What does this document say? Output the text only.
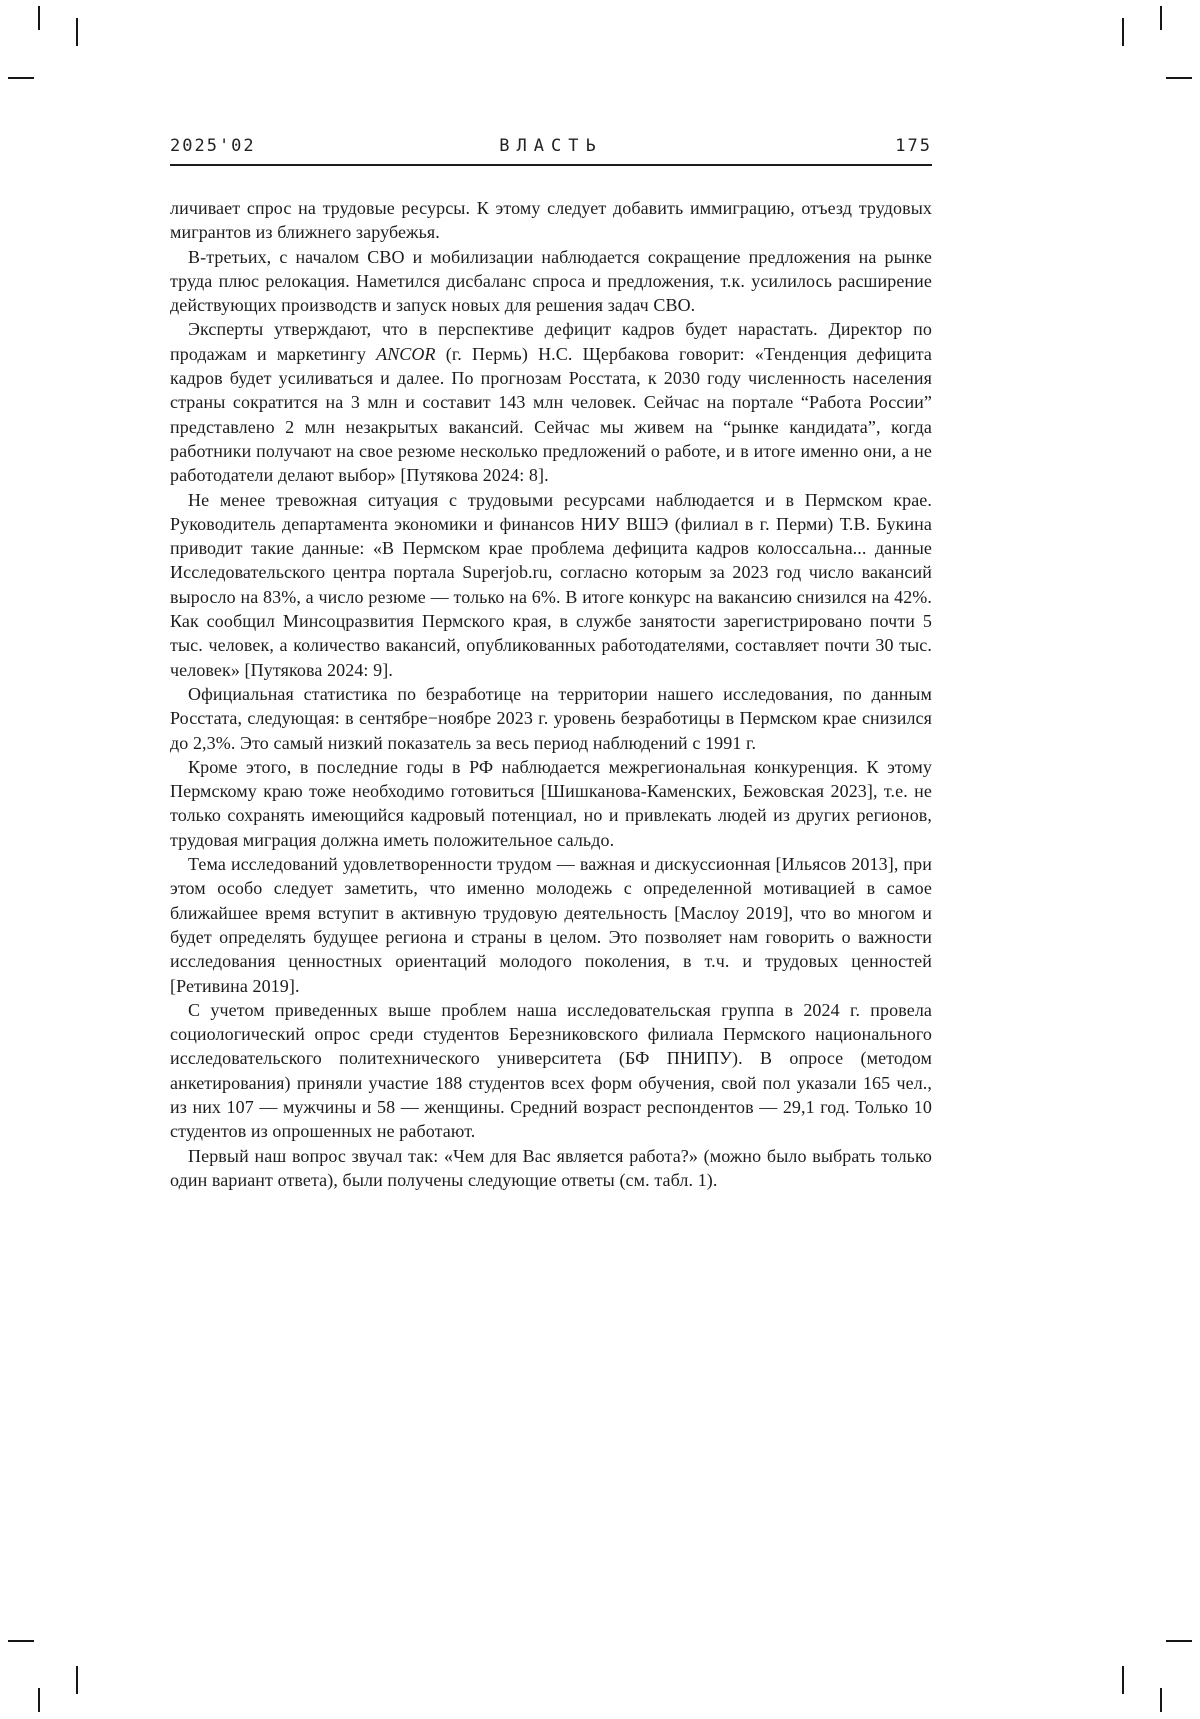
2025'02	ВЛАСТЬ	175

личивает спрос на трудовые ресурсы. К этому следует добавить иммиграцию, отъезд трудовых мигрантов из ближнего зарубежья.

В-третьих, с началом СВО и мобилизации наблюдается сокращение предложения на рынке труда плюс релокация. Наметился дисбаланс спроса и предложения, т.к. усилилось расширение действующих производств и запуск новых для решения задач СВО.

Эксперты утверждают, что в перспективе дефицит кадров будет нарастать. Директор по продажам и маркетингу ANCOR (г. Пермь) Н.С. Щербакова говорит: «Тенденция дефицита кадров будет усиливаться и далее. По прогнозам Росстата, к 2030 году численность населения страны сократится на 3 млн и составит 143 млн человек. Сейчас на портале “Работа России” представлено 2 млн незакрытых вакансий. Сейчас мы живем на “рынке кандидата”, когда работники получают на свое резюме несколько предложений о работе, и в итоге именно они, а не работодатели делают выбор» [Путякова 2024: 8].

Не менее тревожная ситуация с трудовыми ресурсами наблюдается и в Пермском крае. Руководитель департамента экономики и финансов НИУ ВШЭ (филиал в г. Перми) Т.В. Букина приводит такие данные: «В Пермском крае проблема дефицита кадров колоссальна... данные Исследовательского центра портала Superjob.ru, согласно которым за 2023 год число вакансий выросло на 83%, а число резюме — только на 6%. В итоге конкурс на вакансию снизился на 42%. Как сообщил Минсоцразвития Пермского края, в службе занятости зарегистрировано почти 5 тыс. человек, а количество вакансий, опубликованных работодателями, составляет почти 30 тыс. человек» [Путякова 2024: 9].

Официальная статистика по безработице на территории нашего исследования, по данным Росстата, следующая: в сентябре−ноябре 2023 г. уровень безработицы в Пермском крае снизился до 2,3%. Это самый низкий показатель за весь период наблюдений с 1991 г.

Кроме этого, в последние годы в РФ наблюдается межрегиональная конкуренция. К этому Пермскому краю тоже необходимо готовиться [Шишканова-Каменских, Бежовская 2023], т.е. не только сохранять имеющийся кадровый потенциал, но и привлекать людей из других регионов, трудовая миграция должна иметь положительное сальдо.

Тема исследований удовлетворенности трудом — важная и дискуссионная [Ильясов 2013], при этом особо следует заметить, что именно молодежь с определенной мотивацией в самое ближайшее время вступит в активную трудовую деятельность [Маслоу 2019], что во многом и будет определять будущее региона и страны в целом. Это позволяет нам говорить о важности исследования ценностных ориентаций молодого поколения, в т.ч. и трудовых ценностей [Ретивина 2019].

С учетом приведенных выше проблем наша исследовательская группа в 2024 г. провела социологический опрос среди студентов Березниковского филиала Пермского национального исследовательского политехнического университета (БФ ПНИПУ). В опросе (методом анкетирования) приняли участие 188 студентов всех форм обучения, свой пол указали 165 чел., из них 107 — мужчины и 58 — женщины. Средний возраст респондентов — 29,1 год. Только 10 студентов из опрошенных не работают.

Первый наш вопрос звучал так: «Чем для Вас является работа?» (можно было выбрать только один вариант ответа), были получены следующие ответы (см. табл. 1).
